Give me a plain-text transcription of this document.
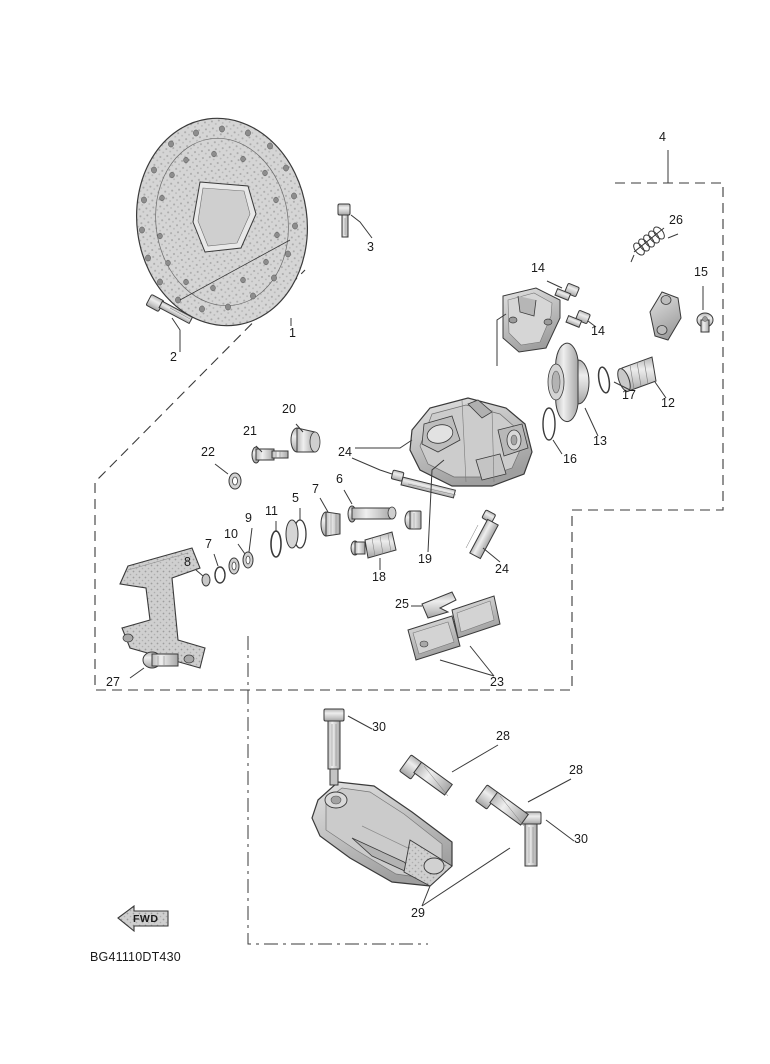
1
2
3
4
5
6
7
7
8
9
10
11
12
13
14
14
15
16
17
18
19
20
21
22
23
24
24
25
26
27
28
28
29
30
30
FWD
BG41110DT430
